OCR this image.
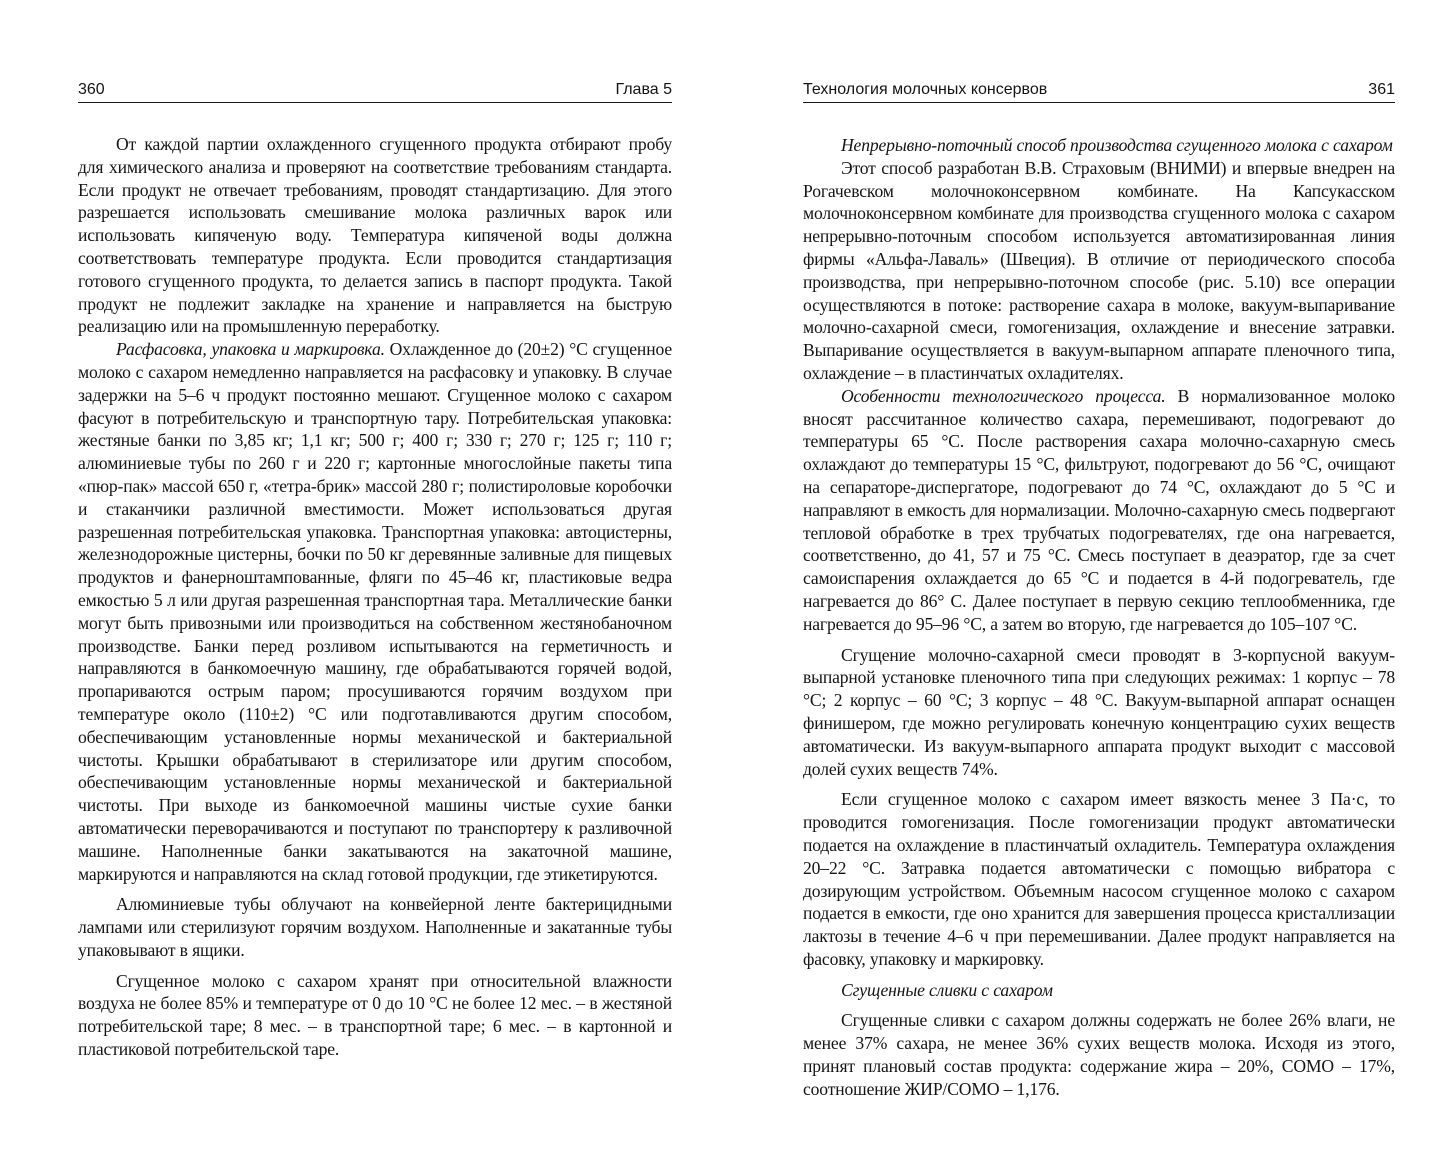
360	Глава 5

От каждой партии охлажденного сгущенного продукта отбирают пробу для химического анализа и проверяют на соответствие требованиям стандарта. Если продукт не отвечает требованиям, проводят стандартизацию. Для этого разрешается использовать смешивание молока различных варок или использовать кипяченую воду. Температура кипяченой воды должна соответствовать температуре продукта. Если проводится стандартизация готового сгущенного продукта, то делается запись в паспорт продукта. Такой продукт не подлежит закладке на хранение и направляется на быструю реализацию или на промышленную переработку.

Расфасовка, упаковка и маркировка. Охлажденное до (20±2) °С сгущенное молоко с сахаром немедленно направляется на расфасовку и упаковку. В случае задержки на 5–6 ч продукт постоянно мешают. Сгущенное молоко с сахаром фасуют в потребительскую и транспортную тару. Потребительская упаковка: жестяные банки по 3,85 кг; 1,1 кг; 500 г; 400 г; 330 г; 270 г; 125 г; 110 г; алюминиевые тубы по 260 г и 220 г; картонные многослойные пакеты типа «пюр-пак» массой 650 г, «тетра-брик» массой 280 г; полистироловые коробочки и стаканчики различной вместимости. Может использоваться другая разрешенная потребительская упаковка. Транспортная упаковка: автоцистерны, железнодорожные цистерны, бочки по 50 кг деревянные заливные для пищевых продуктов и фанерноштампованные, фляги по 45–46 кг, пластиковые ведра емкостью 5 л или другая разрешенная транспортная тара. Металлические банки могут быть привозными или производиться на собственном жестянобаночном производстве. Банки перед розливом испытываются на герметичность и направляются в банкомоечную машину, где обрабатываются горячей водой, пропариваются острым паром; просушиваются горячим воздухом при температуре около (110±2) °С или подготавливаются другим способом, обеспечивающим установленные нормы механической и бактериальной чистоты. Крышки обрабатывают в стерилизаторе или другим способом, обеспечивающим установленные нормы механической и бактериальной чистоты. При выходе из банкомоечной машины чистые сухие банки автоматически переворачиваются и поступают по транспортеру к разливочной машине. Наполненные банки закатываются на закаточной машине, маркируются и направляются на склад готовой продукции, где этикетируются.

Алюминиевые тубы облучают на конвейерной ленте бактерицидными лампами или стерилизуют горячим воздухом. Наполненные и закатанные тубы упаковывают в ящики.

Сгущенное молоко с сахаром хранят при относительной влажности воздуха не более 85% и температуре от 0 до 10 °С не более 12 мес. – в жестяной потребительской таре; 8 мес. – в транспортной таре; 6 мес. – в картонной и пластиковой потребительской таре.

Технология молочных консервов	361

Непрерывно-поточный способ производства сгущенного молока с сахаром

Этот способ разработан В.В. Страховым (ВНИМИ) и впервые внедрен на Рогачевском молочноконсервном комбинате. На Капсукасском молочноконсервном комбинате для производства сгущенного молока с сахаром непрерывно-поточным способом используется автоматизированная линия фирмы «Альфа-Лаваль» (Швеция). В отличие от периодического способа производства, при непрерывно-поточном способе (рис. 5.10) все операции осуществляются в потоке: растворение сахара в молоке, вакуум-выпаривание молочно-сахарной смеси, гомогенизация, охлаждение и внесение затравки. Выпаривание осуществляется в вакуум-выпарном аппарате пленочного типа, охлаждение – в пластинчатых охладителях.

Особенности технологического процесса. В нормализованное молоко вносят рассчитанное количество сахара, перемешивают, подогревают до температуры 65 °С. После растворения сахара молочно-сахарную смесь охлаждают до температуры 15 °С, фильтруют, подогревают до 56 °С, очищают на сепараторе-диспергаторе, подогревают до 74 °С, охлаждают до 5 °С и направляют в емкость для нормализации. Молочно-сахарную смесь подвергают тепловой обработке в трех трубчатых подогревателях, где она нагревается, соответственно, до 41, 57 и 75 °С. Смесь поступает в деаэратор, где за счет самоиспарения охлаждается до 65 °С и подается в 4-й подогреватель, где нагревается до 86° С. Далее поступает в первую секцию теплообменника, где нагревается до 95–96 °С, а затем во вторую, где нагревается до 105–107 °С.

Сгущение молочно-сахарной смеси проводят в 3-корпусной вакуум-выпарной установке пленочного типа при следующих режимах: 1 корпус – 78 °С; 2 корпус – 60 °С; 3 корпус – 48 °С. Вакуум-выпарной аппарат оснащен финишером, где можно регулировать конечную концентрацию сухих веществ автоматически. Из вакуум-выпарного аппарата продукт выходит с массовой долей сухих веществ 74%.

Если сгущенное молоко с сахаром имеет вязкость менее 3 Па·с, то проводится гомогенизация. После гомогенизации продукт автоматически подается на охлаждение в пластинчатый охладитель. Температура охлаждения 20–22 °С. Затравка подается автоматически с помощью вибратора с дозирующим устройством. Объемным насосом сгущенное молоко с сахаром подается в емкости, где оно хранится для завершения процесса кристаллизации лактозы в течение 4–6 ч при перемешивании. Далее продукт направляется на фасовку, упаковку и маркировку.

Сгущенные сливки с сахаром

Сгущенные сливки с сахаром должны содержать не более 26% влаги, не менее 37% сахара, не менее 36% сухих веществ молока. Исходя из этого, принят плановый состав продукта: содержание жира – 20%, СОМО – 17%, соотношение ЖИР/СОМО – 1,176.
